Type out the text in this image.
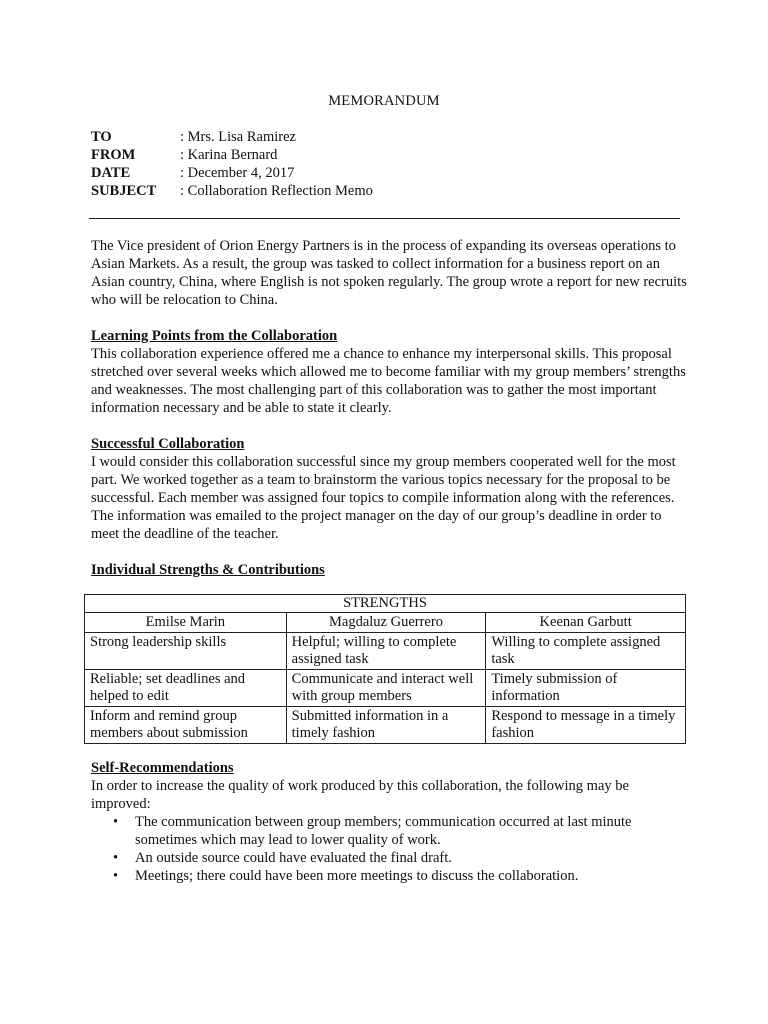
MEMORANDUM
TO	: Mrs. Lisa Ramirez
FROM	: Karina Bernard
DATE	: December 4, 2017
SUBJECT	: Collaboration Reflection Memo

The Vice president of Orion Energy Partners is in the process of expanding its overseas operations to Asian Markets. As a result, the group was tasked to collect information for a business report on an Asian country, China, where English is not spoken regularly. The group wrote a report for new recruits who will be relocation to China.

Learning Points from the Collaboration

This collaboration experience offered me a chance to enhance my interpersonal skills. This proposal stretched over several weeks which allowed me to become familiar with my group members’ strengths and weaknesses. The most challenging part of this collaboration was to gather the most important information necessary and be able to state it clearly.

Successful Collaboration

I would consider this collaboration successful since my group members cooperated well for the most part. We worked together as a team to brainstorm the various topics necessary for the proposal to be successful. Each member was assigned four topics to compile information along with the references. The information was emailed to the project manager on the day of our group’s deadline in order to meet the deadline of the teacher.

Individual Strengths & Contributions

STRENGTHS		
Emilse Marin	Magdaluz Guerrero	Keenan Garbutt
Strong leadership skills	Helpful; willing to complete assigned task	Willing to complete assigned task
Reliable; set deadlines and helped to edit	Communicate and interact well with group members	Timely submission of information
Inform and remind group members about submission	Submitted information in a timely fashion	Respond to message in a timely fashion

Self-Recommendations

In order to increase the quality of work produced by this collaboration, the following may be improved:

• The communication between group members; communication occurred at last minute sometimes which may lead to lower quality of work.
• An outside source could have evaluated the final draft.
• Meetings; there could have been more meetings to discuss the collaboration.
